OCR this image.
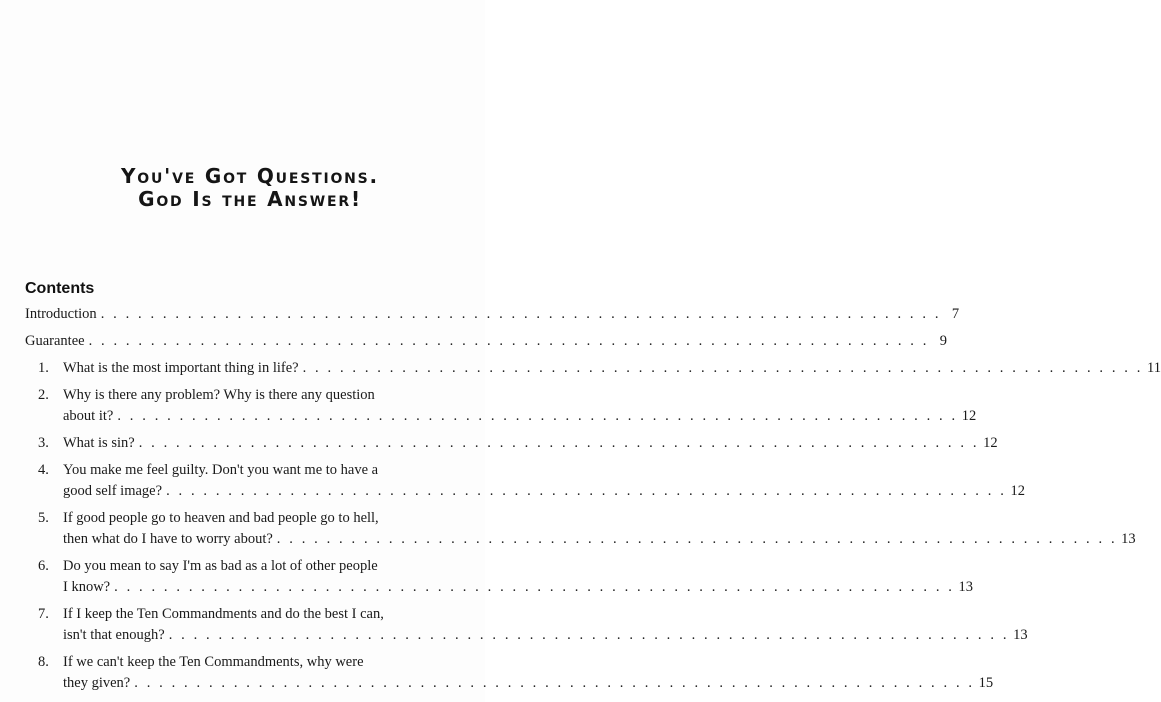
You've Got Questions.
God Is the Answer!
Contents
Introduction . . . . . . . . . . . . . . . . . . . . . . . . . . . . . . . . . . . . . . . . . . . . . . . . . . . . . . . . . . . . . . . . . . . . 7
Guarantee . . . . . . . . . . . . . . . . . . . . . . . . . . . . . . . . . . . . . . . . . . . . . . . . . . . . . . . . . . . . . . . . . . . . 9
1. What is the most important thing in life? . . . . . . . . . . . . . . . . . . . . . . . . . . . . . . . . . . . . . . . . . . . . . . . . . . . . . . . . . . . . . . . . . . . . 11
2. Why is there any problem? Why is there any question
about it? . . . . . . . . . . . . . . . . . . . . . . . . . . . . . . . . . . . . . . . . . . . . . . . . . . . . . . . . . . . . . . . . . . . . 12
3. What is sin? . . . . . . . . . . . . . . . . . . . . . . . . . . . . . . . . . . . . . . . . . . . . . . . . . . . . . . . . . . . . . . . . . . . . 12
4. You make me feel guilty. Don't you want me to have a
good self image? . . . . . . . . . . . . . . . . . . . . . . . . . . . . . . . . . . . . . . . . . . . . . . . . . . . . . . . . . . . . . . . . . . . . 12
5. If good people go to heaven and bad people go to hell,
then what do I have to worry about? . . . . . . . . . . . . . . . . . . . . . . . . . . . . . . . . . . . . . . . . . . . . . . . . . . . . . . . . . . . . . . . . . . . . 13
6. Do you mean to say I'm as bad as a lot of other people
I know? . . . . . . . . . . . . . . . . . . . . . . . . . . . . . . . . . . . . . . . . . . . . . . . . . . . . . . . . . . . . . . . . . . . . 13
7. If I keep the Ten Commandments and do the best I can,
isn't that enough? . . . . . . . . . . . . . . . . . . . . . . . . . . . . . . . . . . . . . . . . . . . . . . . . . . . . . . . . . . . . . . . . . . . . 13
8. If we can't keep the Ten Commandments, why were
they given? . . . . . . . . . . . . . . . . . . . . . . . . . . . . . . . . . . . . . . . . . . . . . . . . . . . . . . . . . . . . . . . . . . . . 15
